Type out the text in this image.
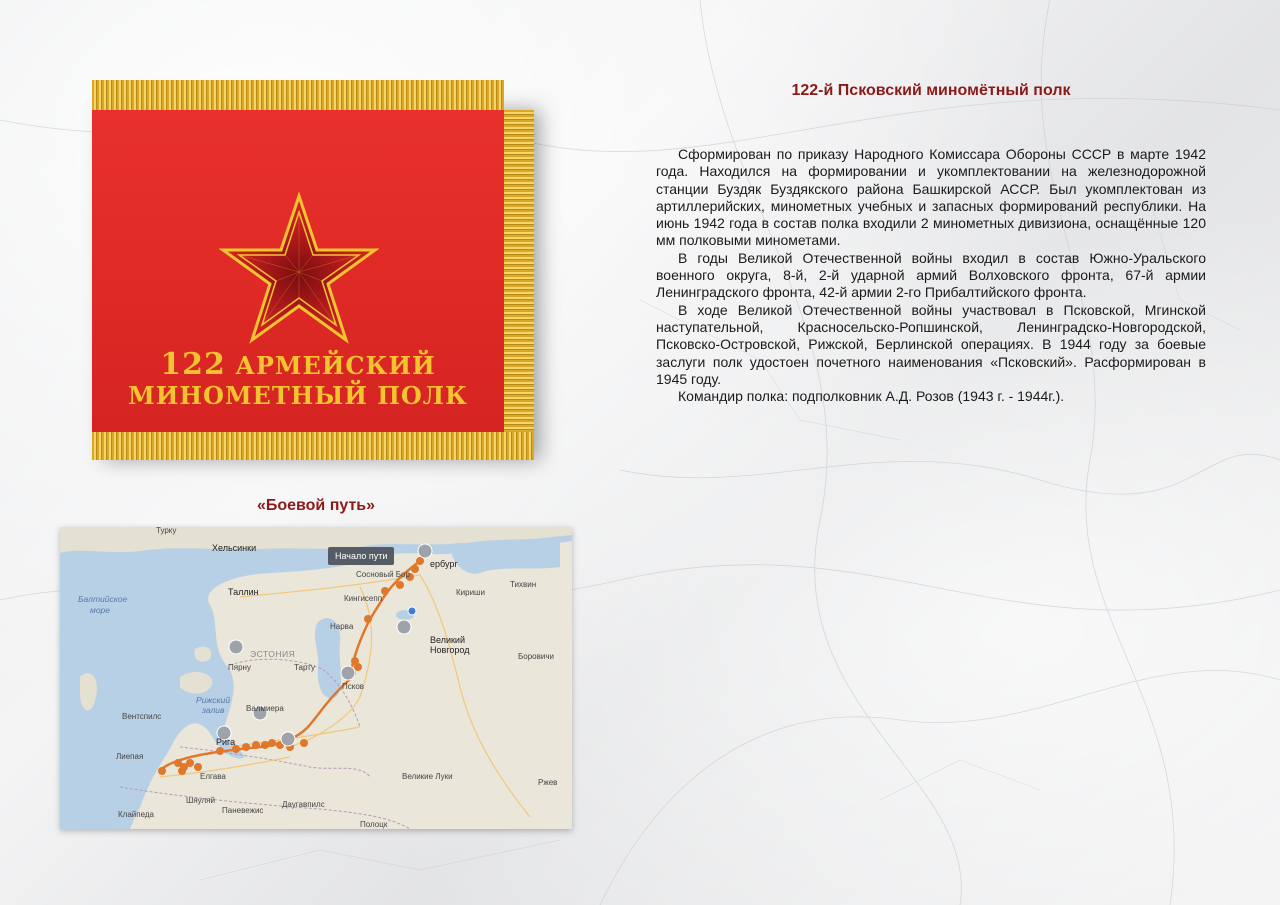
122 АРМЕЙСКИЙ
МИНОМЕТНЫЙ ПОЛК
«Боевой путь»
Турку
Хельсинки
Таллин
ербург
Сосновый Бор
Кингисепп
Тихвин
Кириши
Балтийское
море
ЭСТОНИЯ
Нарва
Великий
Новгород
Боровичи
Пярну	Тарту
Псков
Рижский
залив
Вентспилс
Валмиера
Рига
Лиепая
Елгава	Великие Луки
Ржев
Шяуляй
Паневежис
Даугавпилс
Клайпеда
Полоцк
Начало пути
122-й Псковский миномётный полк

Сформирован по приказу Народного Комиссара Обороны СССР в марте 1942 года. Находился на формировании и укомплектовании на железнодорожной станции Буздяк Буздякского района Башкирской АССР. Был укомплектован из артиллерийских, минометных учебных и запасных формирований республики. На июнь 1942 года в состав полка входили 2 минометных дивизиона, оснащённые 120 мм полковыми минометами.

В годы Великой Отечественной войны входил в состав Южно-Уральского военного округа, 8-й, 2-й ударной армий Волховского фронта, 67-й армии Ленинградского фронта, 42-й армии 2-го Прибалтийского фронта.

В ходе Великой Отечественной войны участвовал в Псковской, Мгинской наступательной, Красносельско-Ропшинской, Ленинградско-Новгородской, Псковско-Островской, Рижской, Берлинской операциях. В 1944 году за боевые заслуги полк удостоен почетного наименования «Псковский». Расформирован в 1945 году.

Командир полка: подполковник А.Д. Розов (1943 г. - 1944г.).
